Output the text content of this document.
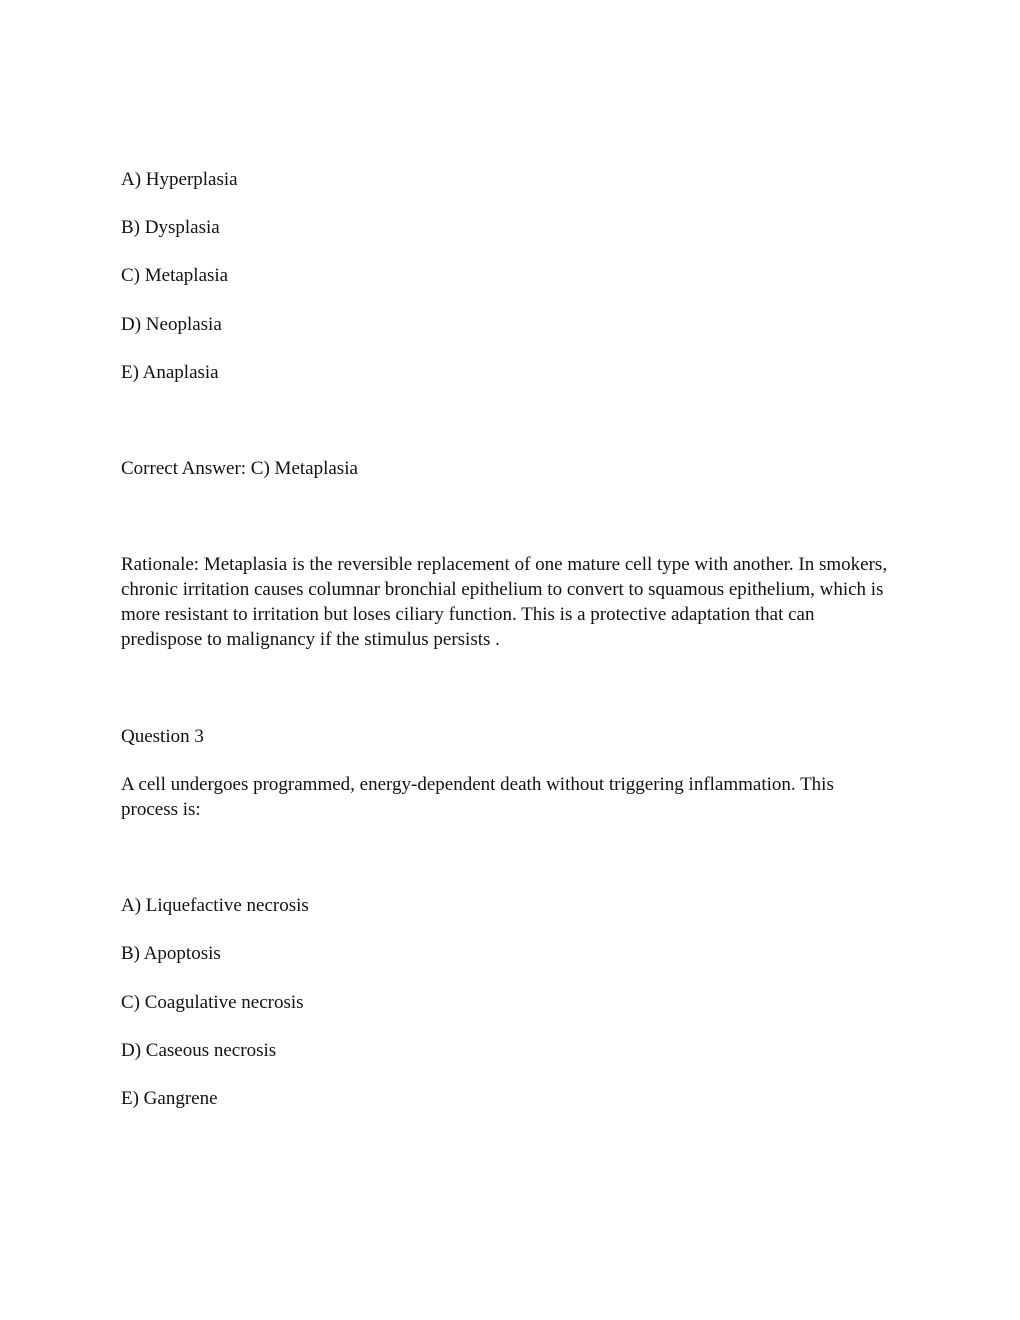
A) Hyperplasia
B) Dysplasia
C) Metaplasia
D) Neoplasia
E) Anaplasia
Correct Answer: C) Metaplasia
Rationale: Metaplasia is the reversible replacement of one mature cell type with another. In smokers, chronic irritation causes columnar bronchial epithelium to convert to squamous epithelium, which is more resistant to irritation but loses ciliary function. This is a protective adaptation that can predispose to malignancy if the stimulus persists .
Question 3
A cell undergoes programmed, energy-dependent death without triggering inflammation. This process is:
A) Liquefactive necrosis
B) Apoptosis
C) Coagulative necrosis
D) Caseous necrosis
E) Gangrene
